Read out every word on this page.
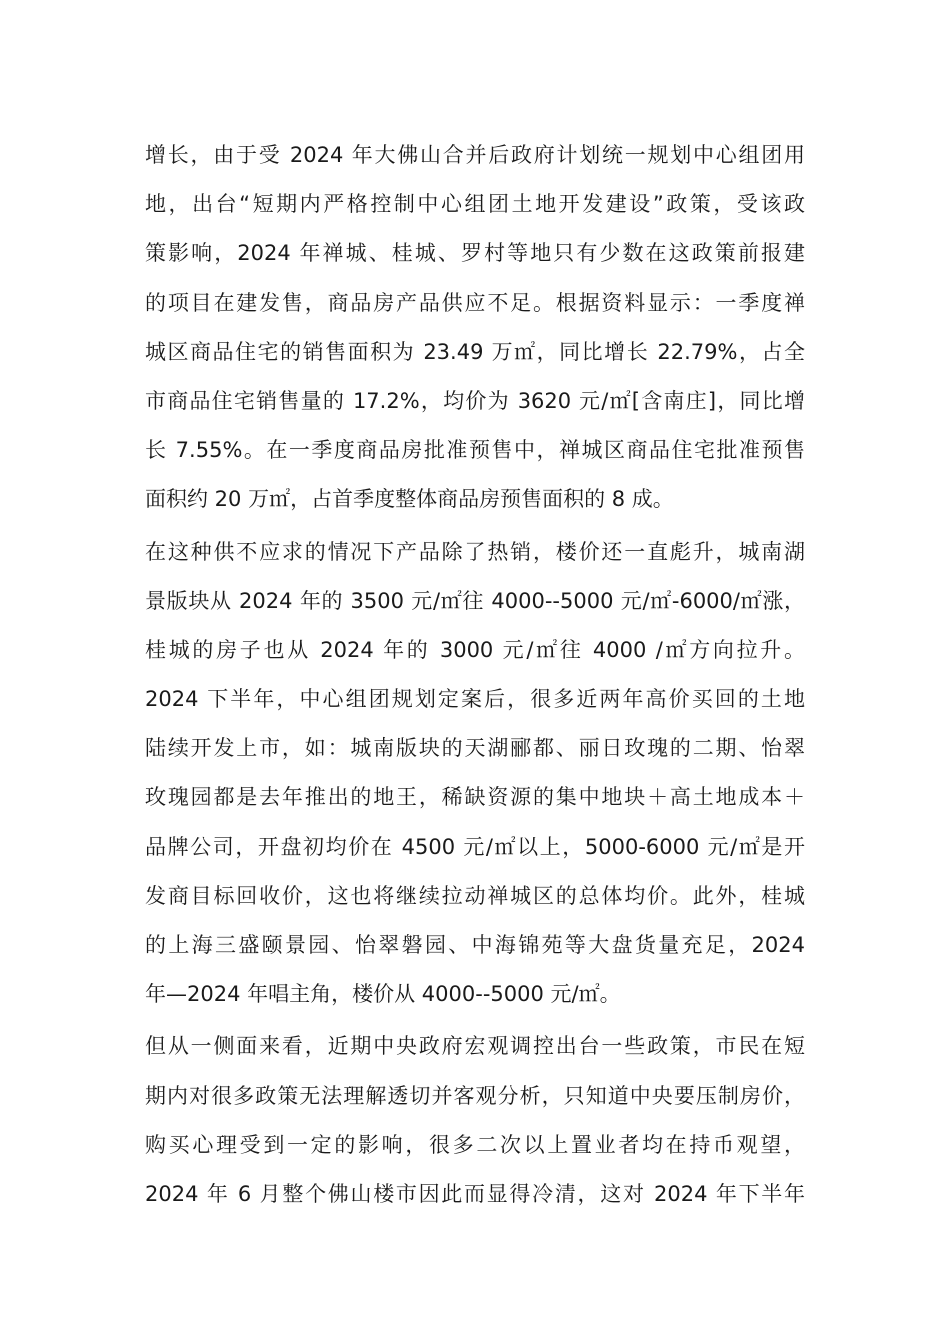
增长，由于受 2024 年大佛山合并后政府计划统一规划中心组团用
地，出台“短期内严格控制中心组团土地开发建设”政策，受该政
策影响，2024 年禅城、桂城、罗村等地只有少数在这政策前报建
的项目在建发售，商品房产品供应不足。根据资料显示：一季度禅
城区商品住宅的销售面积为 23.49 万㎡，同比增长 22.79%，占全
市商品住宅销售量的 17.2%，均价为 3620 元/㎡[含南庄]，同比增
长 7.55%。在一季度商品房批准预售中，禅城区商品住宅批准预售
面积约 20 万㎡，占首季度整体商品房预售面积的 8 成。

在这种供不应求的情况下产品除了热销，楼价还一直彪升，城南湖
景版块从 2024 年的 3500 元/㎡往 4000--5000 元/㎡-6000/㎡涨，
桂城的房子也从 2024 年的 3000 元/㎡往 4000 /㎡方向拉升。
2024 下半年，中心组团规划定案后，很多近两年高价买回的土地
陆续开发上市，如：城南版块的天湖郦都、丽日玫瑰的二期、怡翠
玫瑰园都是去年推出的地王，稀缺资源的集中地块＋高土地成本＋
品牌公司，开盘初均价在 4500 元/㎡以上，5000-6000 元/㎡是开
发商目标回收价，这也将继续拉动禅城区的总体均价。此外，桂城
的上海三盛颐景园、怡翠磐园、中海锦苑等大盘货量充足，2024
年—2024 年唱主角，楼价从 4000--5000 元/㎡。

但从一侧面来看，近期中央政府宏观调控出台一些政策，市民在短
期内对很多政策无法理解透切并客观分析，只知道中央要压制房价，
购买心理受到一定的影响，很多二次以上置业者均在持币观望，
2024 年 6 月整个佛山楼市因此而显得冷清，这对 2024 年下半年
